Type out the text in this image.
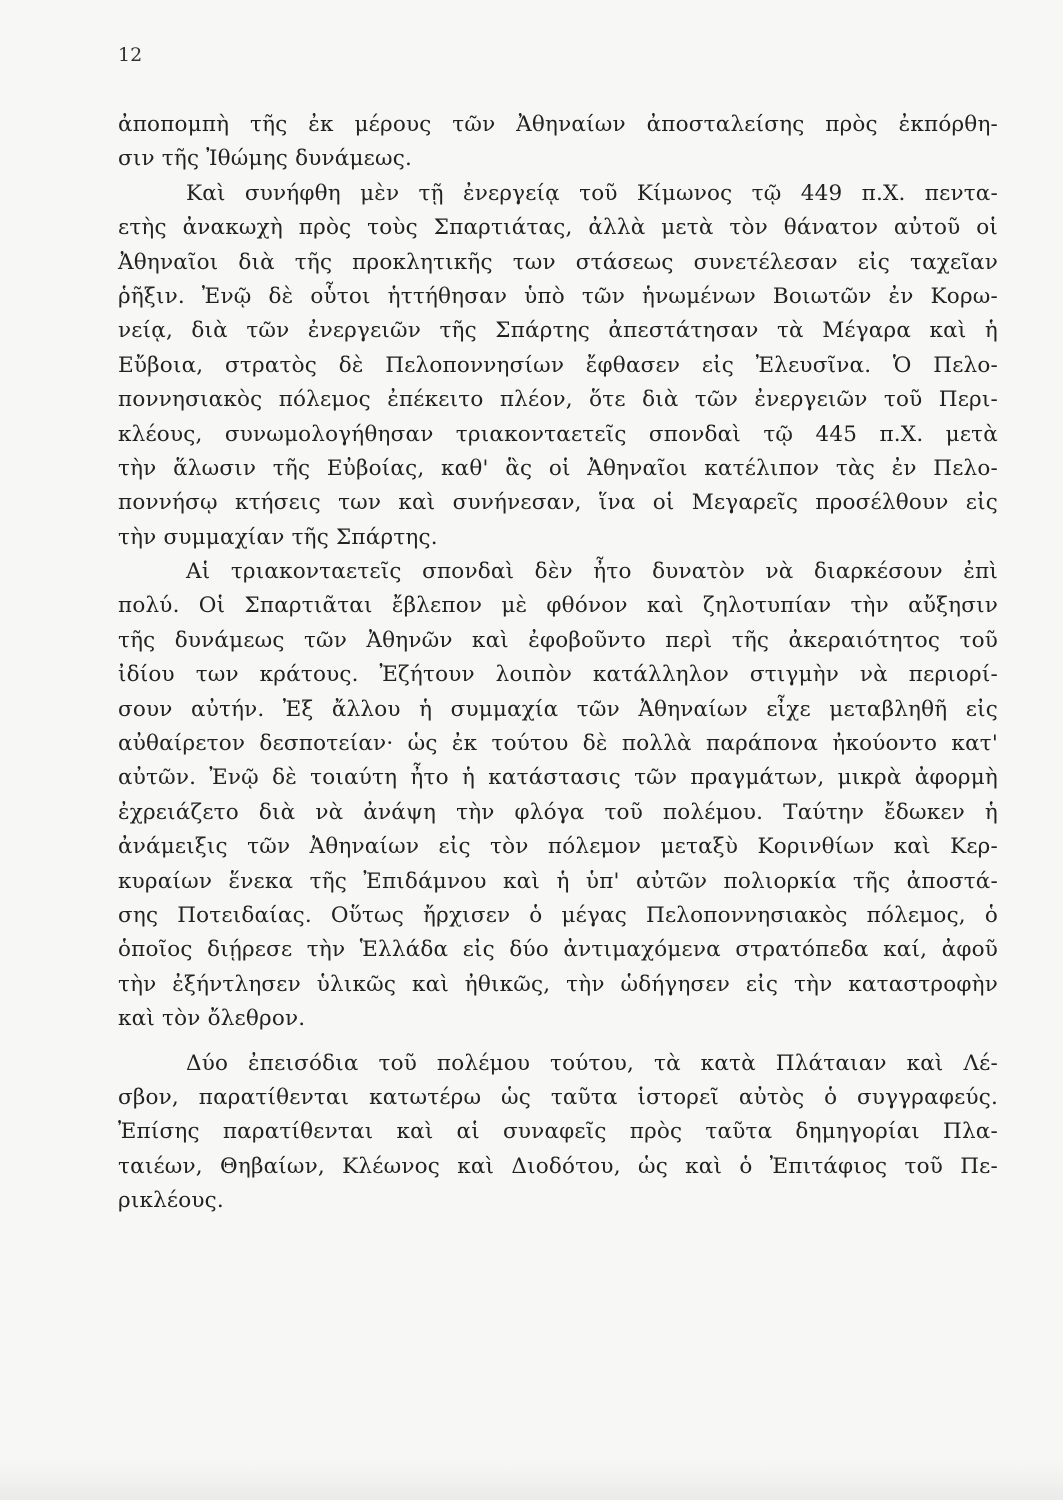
12
ἀποπομπὴ τῆς ἐκ μέρους τῶν Ἀθηναίων ἀποσταλείσης πρὸς ἐκπόρθη-
σιν τῆς Ἰθώμης δυνάμεως.
Καὶ συνήφθη μὲν τῇ ἐνεργείᾳ τοῦ Κίμωνος τῷ 449 π.Χ. πεντα-
ετὴς ἀνακωχὴ πρὸς τοὺς Σπαρτιάτας, ἀλλὰ μετὰ τὸν θάνατον αὐτοῦ οἱ
Ἀθηναῖοι διὰ τῆς προκλητικῆς των στάσεως συνετέλεσαν εἰς ταχεῖαν
ῥῆξιν. Ἐνῷ δὲ οὗτοι ἡττήθησαν ὑπὸ τῶν ἡνωμένων Βοιωτῶν ἐν Κορω-
νείᾳ, διὰ τῶν ἐνεργειῶν τῆς Σπάρτης ἀπεστάτησαν τὰ Μέγαρα καὶ ἡ
Εὔβοια, στρατὸς δὲ Πελοποννησίων ἔφθασεν εἰς Ἐλευσῖνα. Ὁ Πελο-
ποννησιακὸς πόλεμος ἐπέκειτο πλέον, ὅτε διὰ τῶν ἐνεργειῶν τοῦ Περι-
κλέους, συνωμολογήθησαν τριακονταετεῖς σπονδαὶ τῷ 445 π.Χ. μετὰ
τὴν ἅλωσιν τῆς Εὐβοίας, καθ' ἃς οἱ Ἀθηναῖοι κατέλιπον τὰς ἐν Πελο-
ποννήσῳ κτήσεις των καὶ συνήνεσαν, ἵνα οἱ Μεγαρεῖς προσέλθουν εἰς
τὴν συμμαχίαν τῆς Σπάρτης.
Αἱ τριακονταετεῖς σπονδαὶ δὲν ἦτο δυνατὸν νὰ διαρκέσουν ἐπὶ
πολύ. Οἱ Σπαρτιᾶται ἔβλεπον μὲ φθόνον καὶ ζηλοτυπίαν τὴν αὔξησιν
τῆς δυνάμεως τῶν Ἀθηνῶν καὶ ἐφοβοῦντο περὶ τῆς ἀκεραιότητος τοῦ
ἰδίου των κράτους. Ἐζήτουν λοιπὸν κατάλληλον στιγμὴν νὰ περιορί-
σουν αὐτήν. Ἐξ ἄλλου ἡ συμμαχία τῶν Ἀθηναίων εἶχε μεταβληθῆ εἰς
αὐθαίρετον δεσποτείαν· ὡς ἐκ τούτου δὲ πολλὰ παράπονα ἠκούοντο κατ'
αὐτῶν. Ἐνῷ δὲ τοιαύτη ἦτο ἡ κατάστασις τῶν πραγμάτων, μικρὰ ἀφορμὴ
ἐχρειάζετο διὰ νὰ ἀνάψη τὴν φλόγα τοῦ πολέμου. Ταύτην ἔδωκεν ἡ
ἀνάμειξις τῶν Ἀθηναίων εἰς τὸν πόλεμον μεταξὺ Κορινθίων καὶ Κερ-
κυραίων ἕνεκα τῆς Ἐπιδάμνου καὶ ἡ ὑπ' αὐτῶν πολιορκία τῆς ἀποστά-
σης Ποτειδαίας. Οὕτως ἤρχισεν ὁ μέγας Πελοποννησιακὸς πόλεμος, ὁ
ὁποῖος διῄρεσε τὴν Ἑλλάδα εἰς δύο ἀντιμαχόμενα στρατόπεδα καί, ἀφοῦ
τὴν ἐξήντλησεν ὑλικῶς καὶ ἠθικῶς, τὴν ὡδήγησεν εἰς τὴν καταστροφὴν
καὶ τὸν ὄλεθρον.
Δύο ἐπεισόδια τοῦ πολέμου τούτου, τὰ κατὰ Πλάταιαν καὶ Λέ-
σβον, παρατίθενται κατωτέρω ὡς ταῦτα ἱστορεῖ αὐτὸς ὁ συγγραφεύς.
Ἐπίσης παρατίθενται καὶ αἱ συναφεῖς πρὸς ταῦτα δημηγορίαι Πλα-
ταιέων, Θηβαίων, Κλέωνος καὶ Διοδότου, ὡς καὶ ὁ Ἐπιτάφιος τοῦ Πε-
ρικλέους.
